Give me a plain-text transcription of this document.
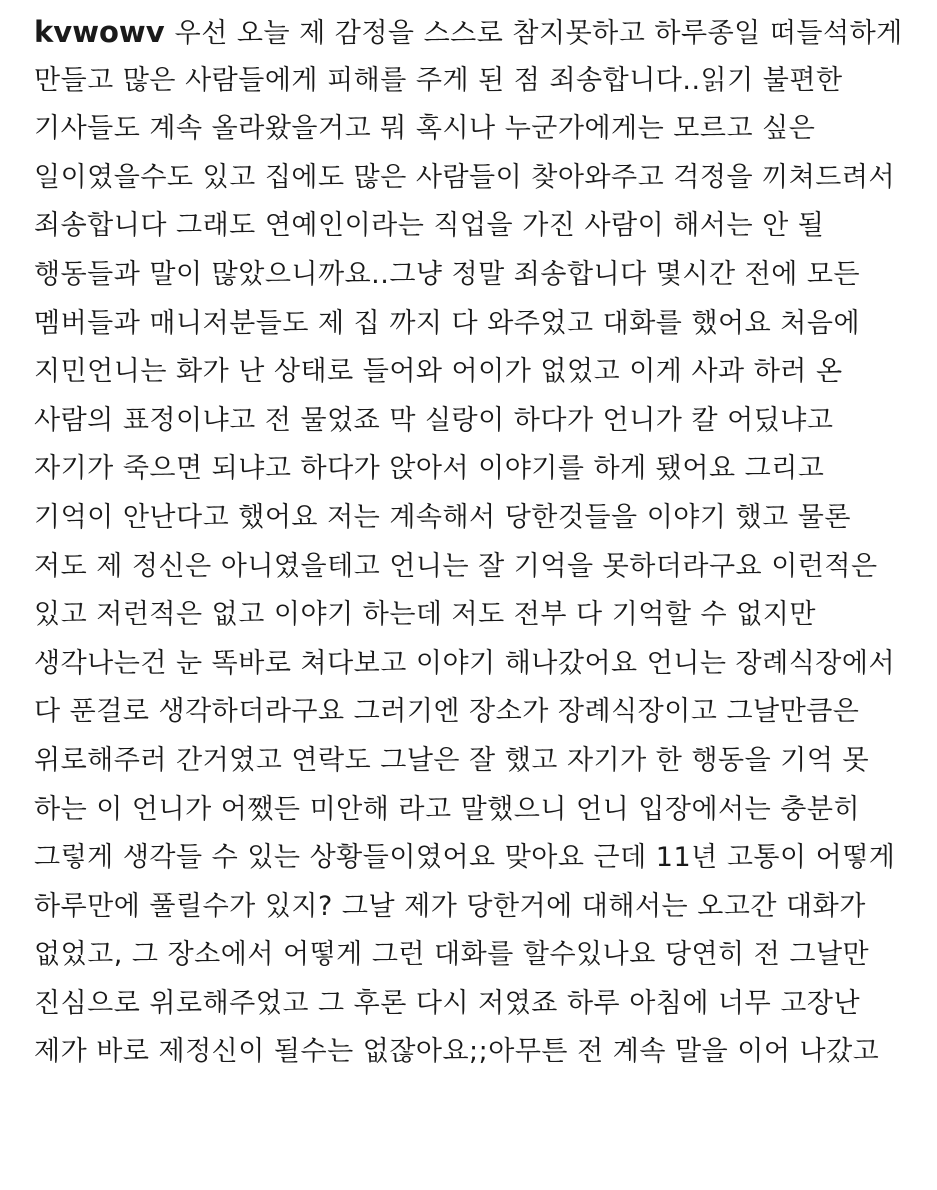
kvwowv 우선 오늘 제 감정을 스스로 참지못하고 하루종일 떠들석하게
만들고 많은 사람들에게 피해를 주게 된 점 죄송합니다..읽기 불편한
기사들도 계속 올라왔을거고 뭐 혹시나 누군가에게는 모르고 싶은
일이였을수도 있고 집에도 많은 사람들이 찾아와주고 걱정을 끼쳐드려서
죄송합니다 그래도 연예인이라는 직업을 가진 사람이 해서는 안 될
행동들과 말이 많았으니까요..그냥 정말 죄송합니다 몇시간 전에 모든
멤버들과 매니저분들도 제 집 까지 다 와주었고 대화를 했어요 처음에
지민언니는 화가 난 상태로 들어와 어이가 없었고 이게 사과 하러 온
사람의 표정이냐고 전 물었죠 막 실랑이 하다가 언니가 칼 어딨냐고
자기가 죽으면 되냐고 하다가 앉아서 이야기를 하게 됐어요 그리고
기억이 안난다고 했어요 저는 계속해서 당한것들을 이야기 했고 물론
저도 제 정신은 아니였을테고 언니는 잘 기억을 못하더라구요 이런적은
있고 저런적은 없고 이야기 하는데 저도 전부 다 기억할 수 없지만
생각나는건 눈 똑바로 쳐다보고 이야기 해나갔어요 언니는 장례식장에서
다 푼걸로 생각하더라구요 그러기엔 장소가 장례식장이고 그날만큼은
위로해주러 간거였고 연락도 그날은 잘 했고 자기가 한 행동을 기억 못
하는 이 언니가 어쨌든 미안해 라고 말했으니 언니 입장에서는 충분히
그렇게 생각들 수 있는 상황들이였어요 맞아요 근데 11년 고통이 어떻게
하루만에 풀릴수가 있지? 그날 제가 당한거에 대해서는 오고간 대화가
없었고, 그 장소에서 어떻게 그런 대화를 할수있나요 당연히 전 그날만
진심으로 위로해주었고 그 후론 다시 저였죠 하루 아침에 너무 고장난
제가 바로 제정신이 될수는 없잖아요;;아무튼 전 계속 말을 이어 나갔고
